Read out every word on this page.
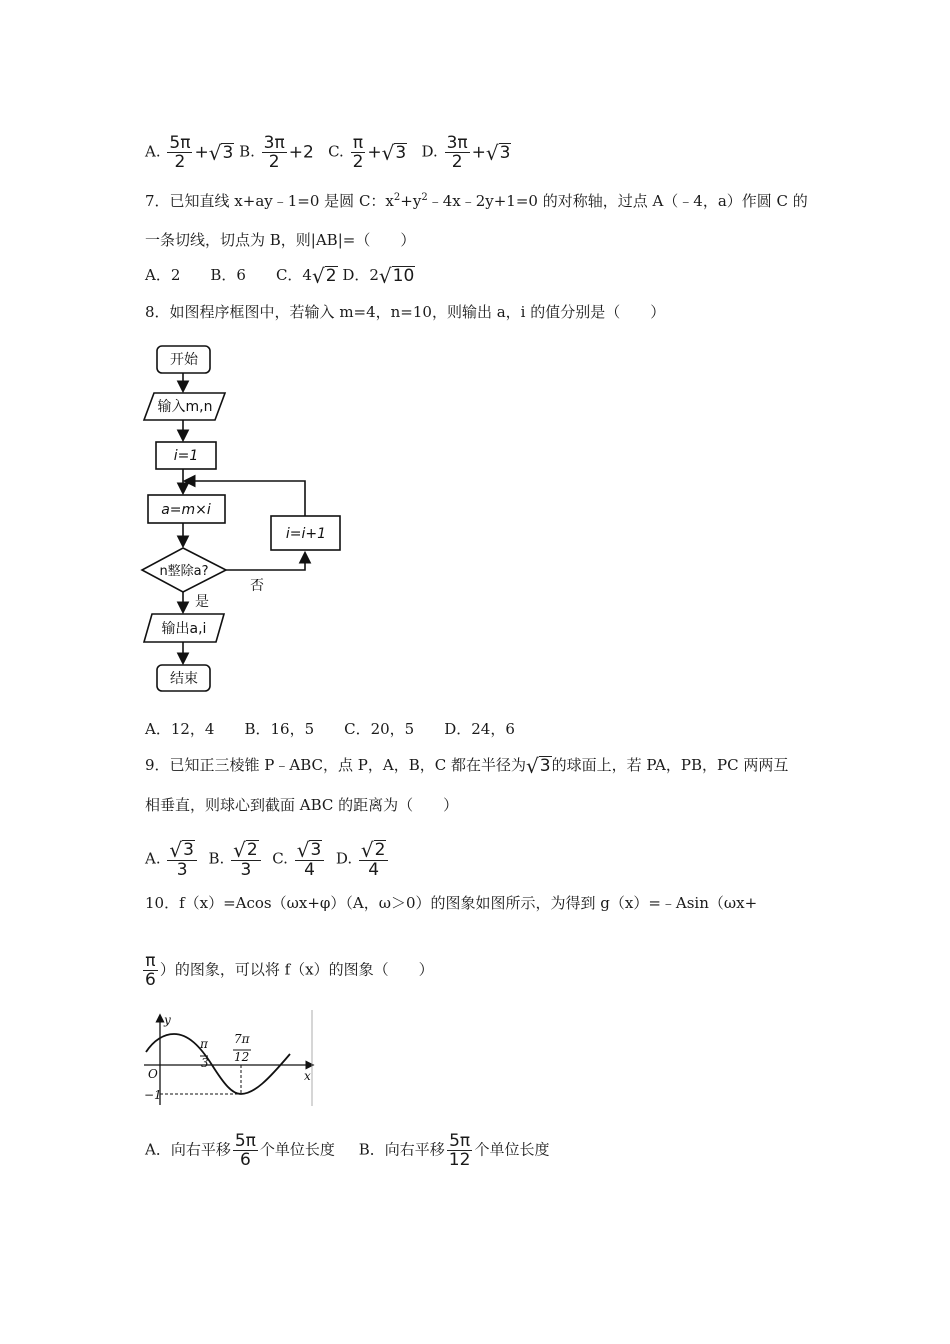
A. $\frac{5\pi}{2}$ + √ 3 B. $\frac{3\pi}{2} +2$ C. $\frac{\pi}{2}$ + √ 3 D. $\frac{3\pi}{2}$ + √ 3
7．已知直线 x+ay﹣1=0 是圆 C：$x^2+y^2﹣4x﹣2y+1=0$ 的对称轴，过点 A（﹣4，a）作圆 C 的
一条切线，切点为 B，则|AB|=（　　）
A．2　　B．6　　C．4 √ 2 D．2 √ 10
8．如图程序框图中，若输入 m=4，n=10，则输出 a，i 的值分别是（　　）
开始
输入m,n
i=1
a=m×i
n整除a?
否
是
i=i+1
输出a,i
结束
A．12，4　　B．16，5　　C．20，5　　D．24，6
9．已知正三棱锥 P﹣ABC，点 P，A，B，C 都在半径为 √ 3 的球面上，若 PA，PB，PC 两两互
相垂直，则球心到截面 ABC 的距离为（　　）
A. $\frac{√ 3}{3} B$. $\frac{√ 2}{3} C$. $\frac{√ 3}{4} D$. $\frac{√ 2}{4}$
10．f（x）=Acos（ωx+φ）（A，ω＞0）的图象如图所示，为得到 g（x）=﹣Asin（ωx+
$\frac{\pi}{6}$ ）的图象，可以将 f（x）的图象（　　）
y
x
O
−1
π
3
7π
12
A．向右平移 $\frac{5\pi}{6}$ 个单位长度 B．向右平移 $\frac{5\pi}{12}$ 个单位长度
